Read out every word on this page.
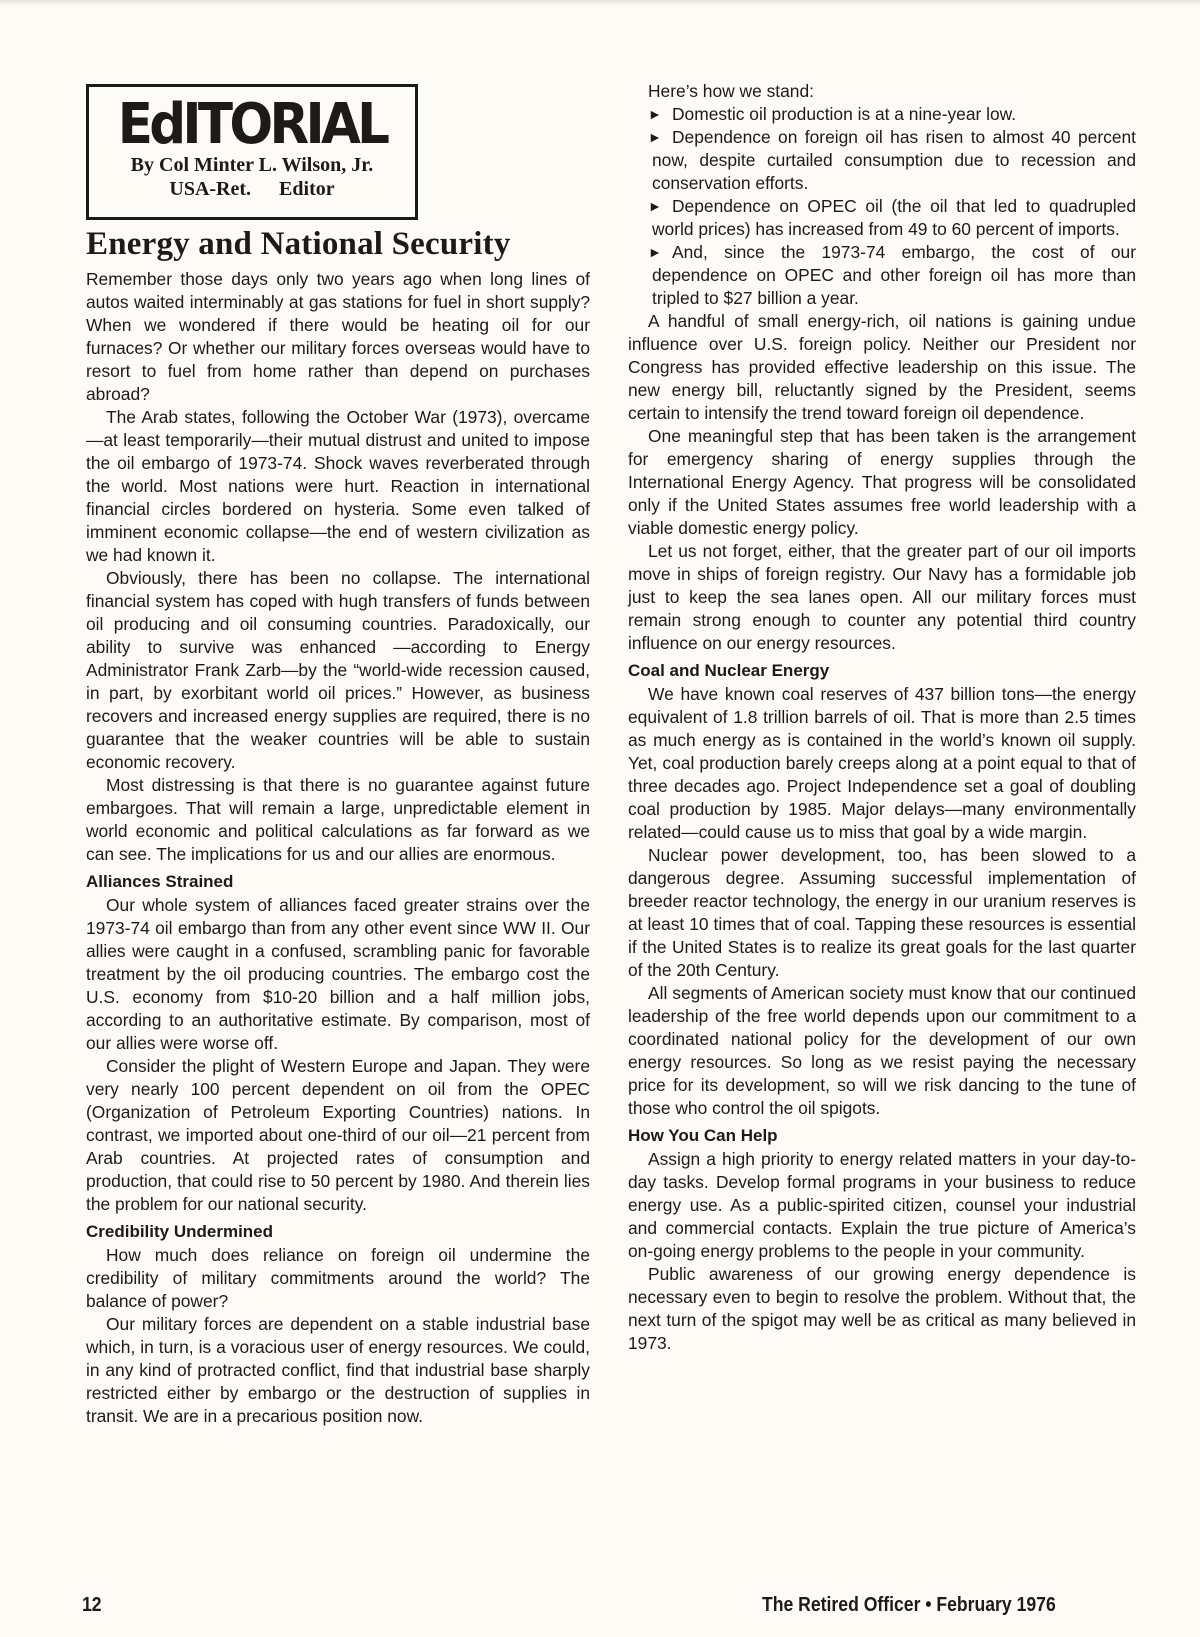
EdITORIAL
By Col Minter L. Wilson, Jr.
USA-Ret. Editor
Energy and National Security

Remember those days only two years ago when long lines of autos waited interminably at gas stations for fuel in short supply? When we wondered if there would be heating oil for our furnaces? Or whether our military forces overseas would have to resort to fuel from home rather than depend on purchases abroad?

The Arab states, following the October War (1973), overcame—at least temporarily—their mutual distrust and united to impose the oil embargo of 1973-74. Shock waves reverberated through the world. Most nations were hurt. Reaction in international financial circles bordered on hysteria. Some even talked of imminent economic collapse—the end of western civilization as we had known it.

Obviously, there has been no collapse. The international financial system has coped with hugh transfers of funds between oil producing and oil consuming countries. Paradoxically, our ability to survive was enhanced —according to Energy Administrator Frank Zarb—by the “world-wide recession caused, in part, by exorbitant world oil prices.” However, as business recovers and increased energy supplies are required, there is no guarantee that the weaker countries will be able to sustain economic recovery.

Most distressing is that there is no guarantee against future embargoes. That will remain a large, unpredictable element in world economic and political calculations as far forward as we can see. The implications for us and our allies are enormous.

Alliances Strained

Our whole system of alliances faced greater strains over the 1973-74 oil embargo than from any other event since WW II. Our allies were caught in a confused, scrambling panic for favorable treatment by the oil producing countries. The embargo cost the U.S. economy from $10-20 billion and a half million jobs, according to an authoritative estimate. By comparison, most of our allies were worse off.

Consider the plight of Western Europe and Japan. They were very nearly 100 percent dependent on oil from the OPEC (Organization of Petroleum Exporting Countries) nations. In contrast, we imported about one-third of our oil—21 percent from Arab countries. At projected rates of consumption and production, that could rise to 50 percent by 1980. And therein lies the problem for our national security.

Credibility Undermined

How much does reliance on foreign oil undermine the credibility of military commitments around the world? The balance of power?

Our military forces are dependent on a stable industrial base which, in turn, is a voracious user of energy resources. We could, in any kind of protracted conflict, find that industrial base sharply restricted either by embargo or the destruction of supplies in transit. We are in a precarious position now.

Here’s how we stand:

► Domestic oil production is at a nine-year low.

► Dependence on foreign oil has risen to almost 40 percent now, despite curtailed consumption due to recession and conservation efforts.

► Dependence on OPEC oil (the oil that led to quadrupled world prices) has increased from 49 to 60 percent of imports.

► And, since the 1973-74 embargo, the cost of our dependence on OPEC and other foreign oil has more than tripled to $27 billion a year.

A handful of small energy-rich, oil nations is gaining undue influence over U.S. foreign policy. Neither our President nor Congress has provided effective leadership on this issue. The new energy bill, reluctantly signed by the President, seems certain to intensify the trend toward foreign oil dependence.

One meaningful step that has been taken is the arrangement for emergency sharing of energy supplies through the International Energy Agency. That progress will be consolidated only if the United States assumes free world leadership with a viable domestic energy policy.

Let us not forget, either, that the greater part of our oil imports move in ships of foreign registry. Our Navy has a formidable job just to keep the sea lanes open. All our military forces must remain strong enough to counter any potential third country influence on our energy resources.

Coal and Nuclear Energy

We have known coal reserves of 437 billion tons—the energy equivalent of 1.8 trillion barrels of oil. That is more than 2.5 times as much energy as is contained in the world’s known oil supply. Yet, coal production barely creeps along at a point equal to that of three decades ago. Project Independence set a goal of doubling coal production by 1985. Major delays—many environmentally related—could cause us to miss that goal by a wide margin.

Nuclear power development, too, has been slowed to a dangerous degree. Assuming successful implementation of breeder reactor technology, the energy in our uranium reserves is at least 10 times that of coal. Tapping these resources is essential if the United States is to realize its great goals for the last quarter of the 20th Century.

All segments of American society must know that our continued leadership of the free world depends upon our commitment to a coordinated national policy for the development of our own energy resources. So long as we resist paying the necessary price for its development, so will we risk dancing to the tune of those who control the oil spigots.

How You Can Help

Assign a high priority to energy related matters in your day-to-day tasks. Develop formal programs in your business to reduce energy use. As a public-spirited citizen, counsel your industrial and commercial contacts. Explain the true picture of America’s on-going energy problems to the people in your community.

Public awareness of our growing energy dependence is necessary even to begin to resolve the problem. Without that, the next turn of the spigot may well be as critical as many believed in 1973.

12	The Retired Officer • February 1976
